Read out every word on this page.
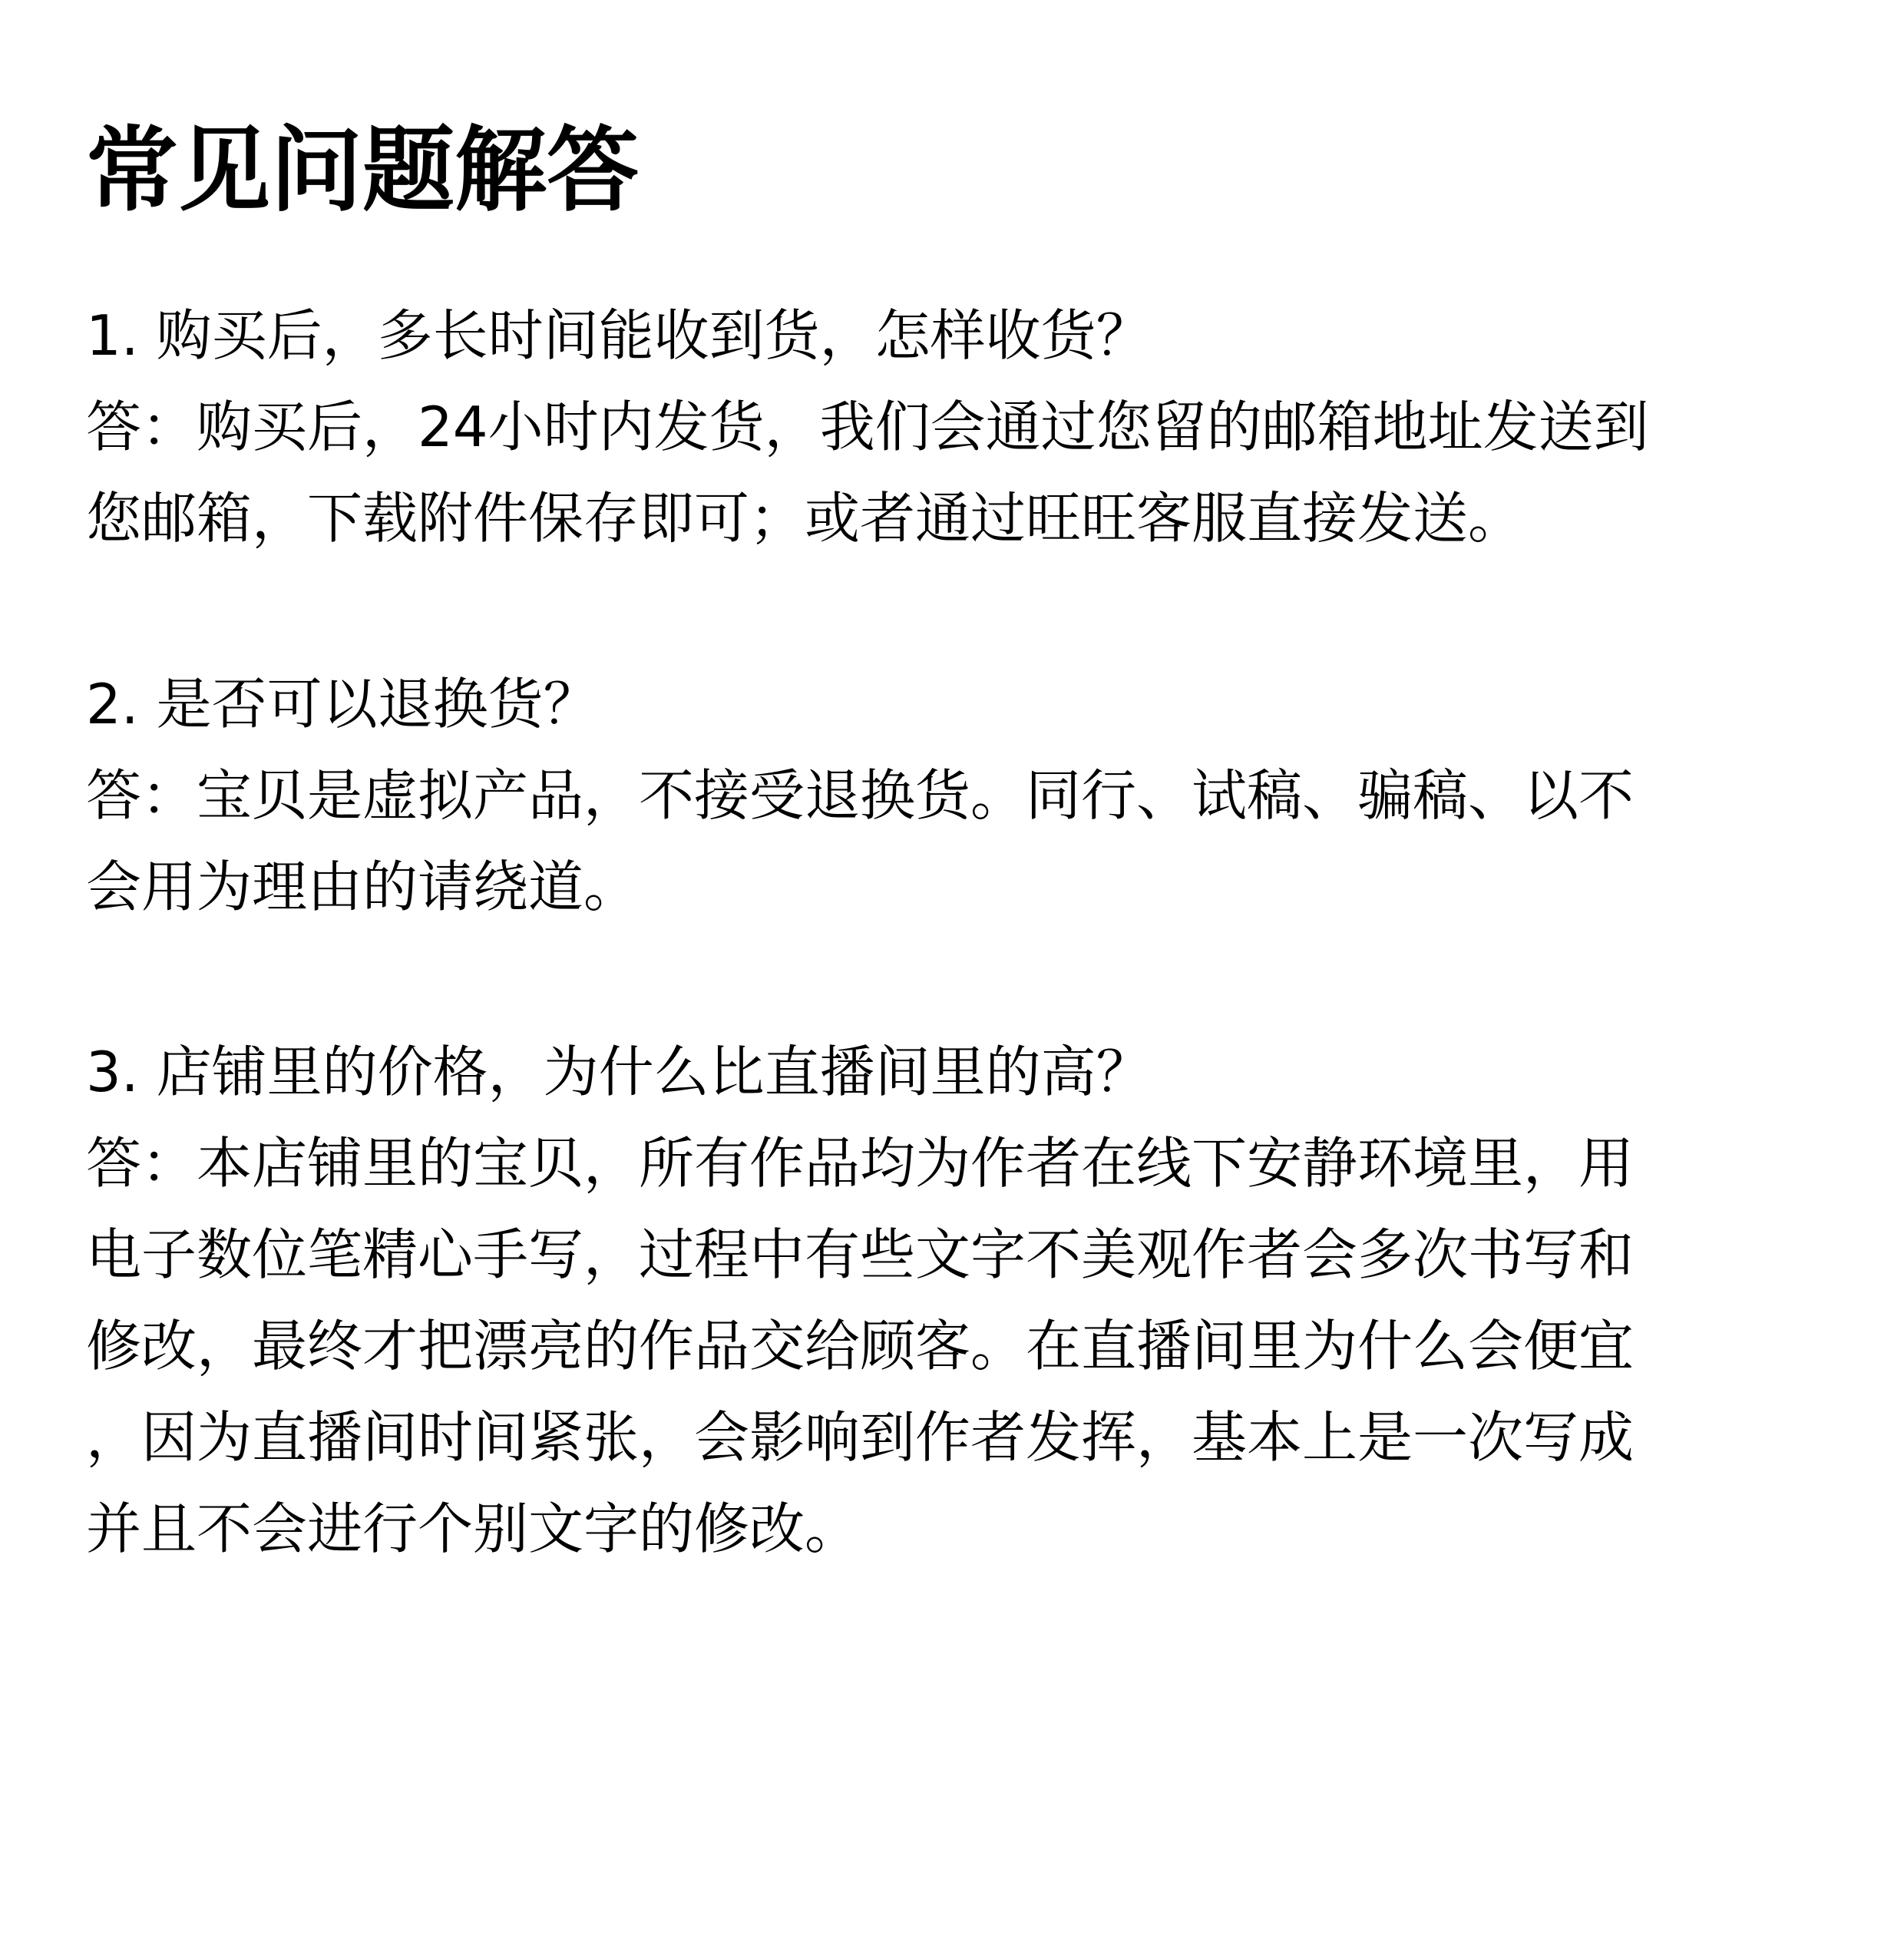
常见问题解答
1. 购买后，多长时间能收到货，怎样收货？
答：购买后，24小时内发货，我们会通过您留的邮箱地址发送到
您邮箱，下载附件保存即可；或者通过旺旺客服直接发送。
2. 是否可以退换货？
答：宝贝是虚拟产品，不接受退换货。同行、试稿、骗稿、以不
会用为理由的请绕道。
3. 店铺里的价格，为什么比直播间里的高？
答：本店铺里的宝贝，所有作品均为作者在线下安静环境里，用
电子数位笔精心手写，过程中有些文字不美观作者会多次书写和
修改，最终才把漂亮的作品交给顾客。在直播间里为什么会便宜
，因为直播间时间紧张，会影响到作者发挥，基本上是一次写成
并且不会进行个别文字的修改。
